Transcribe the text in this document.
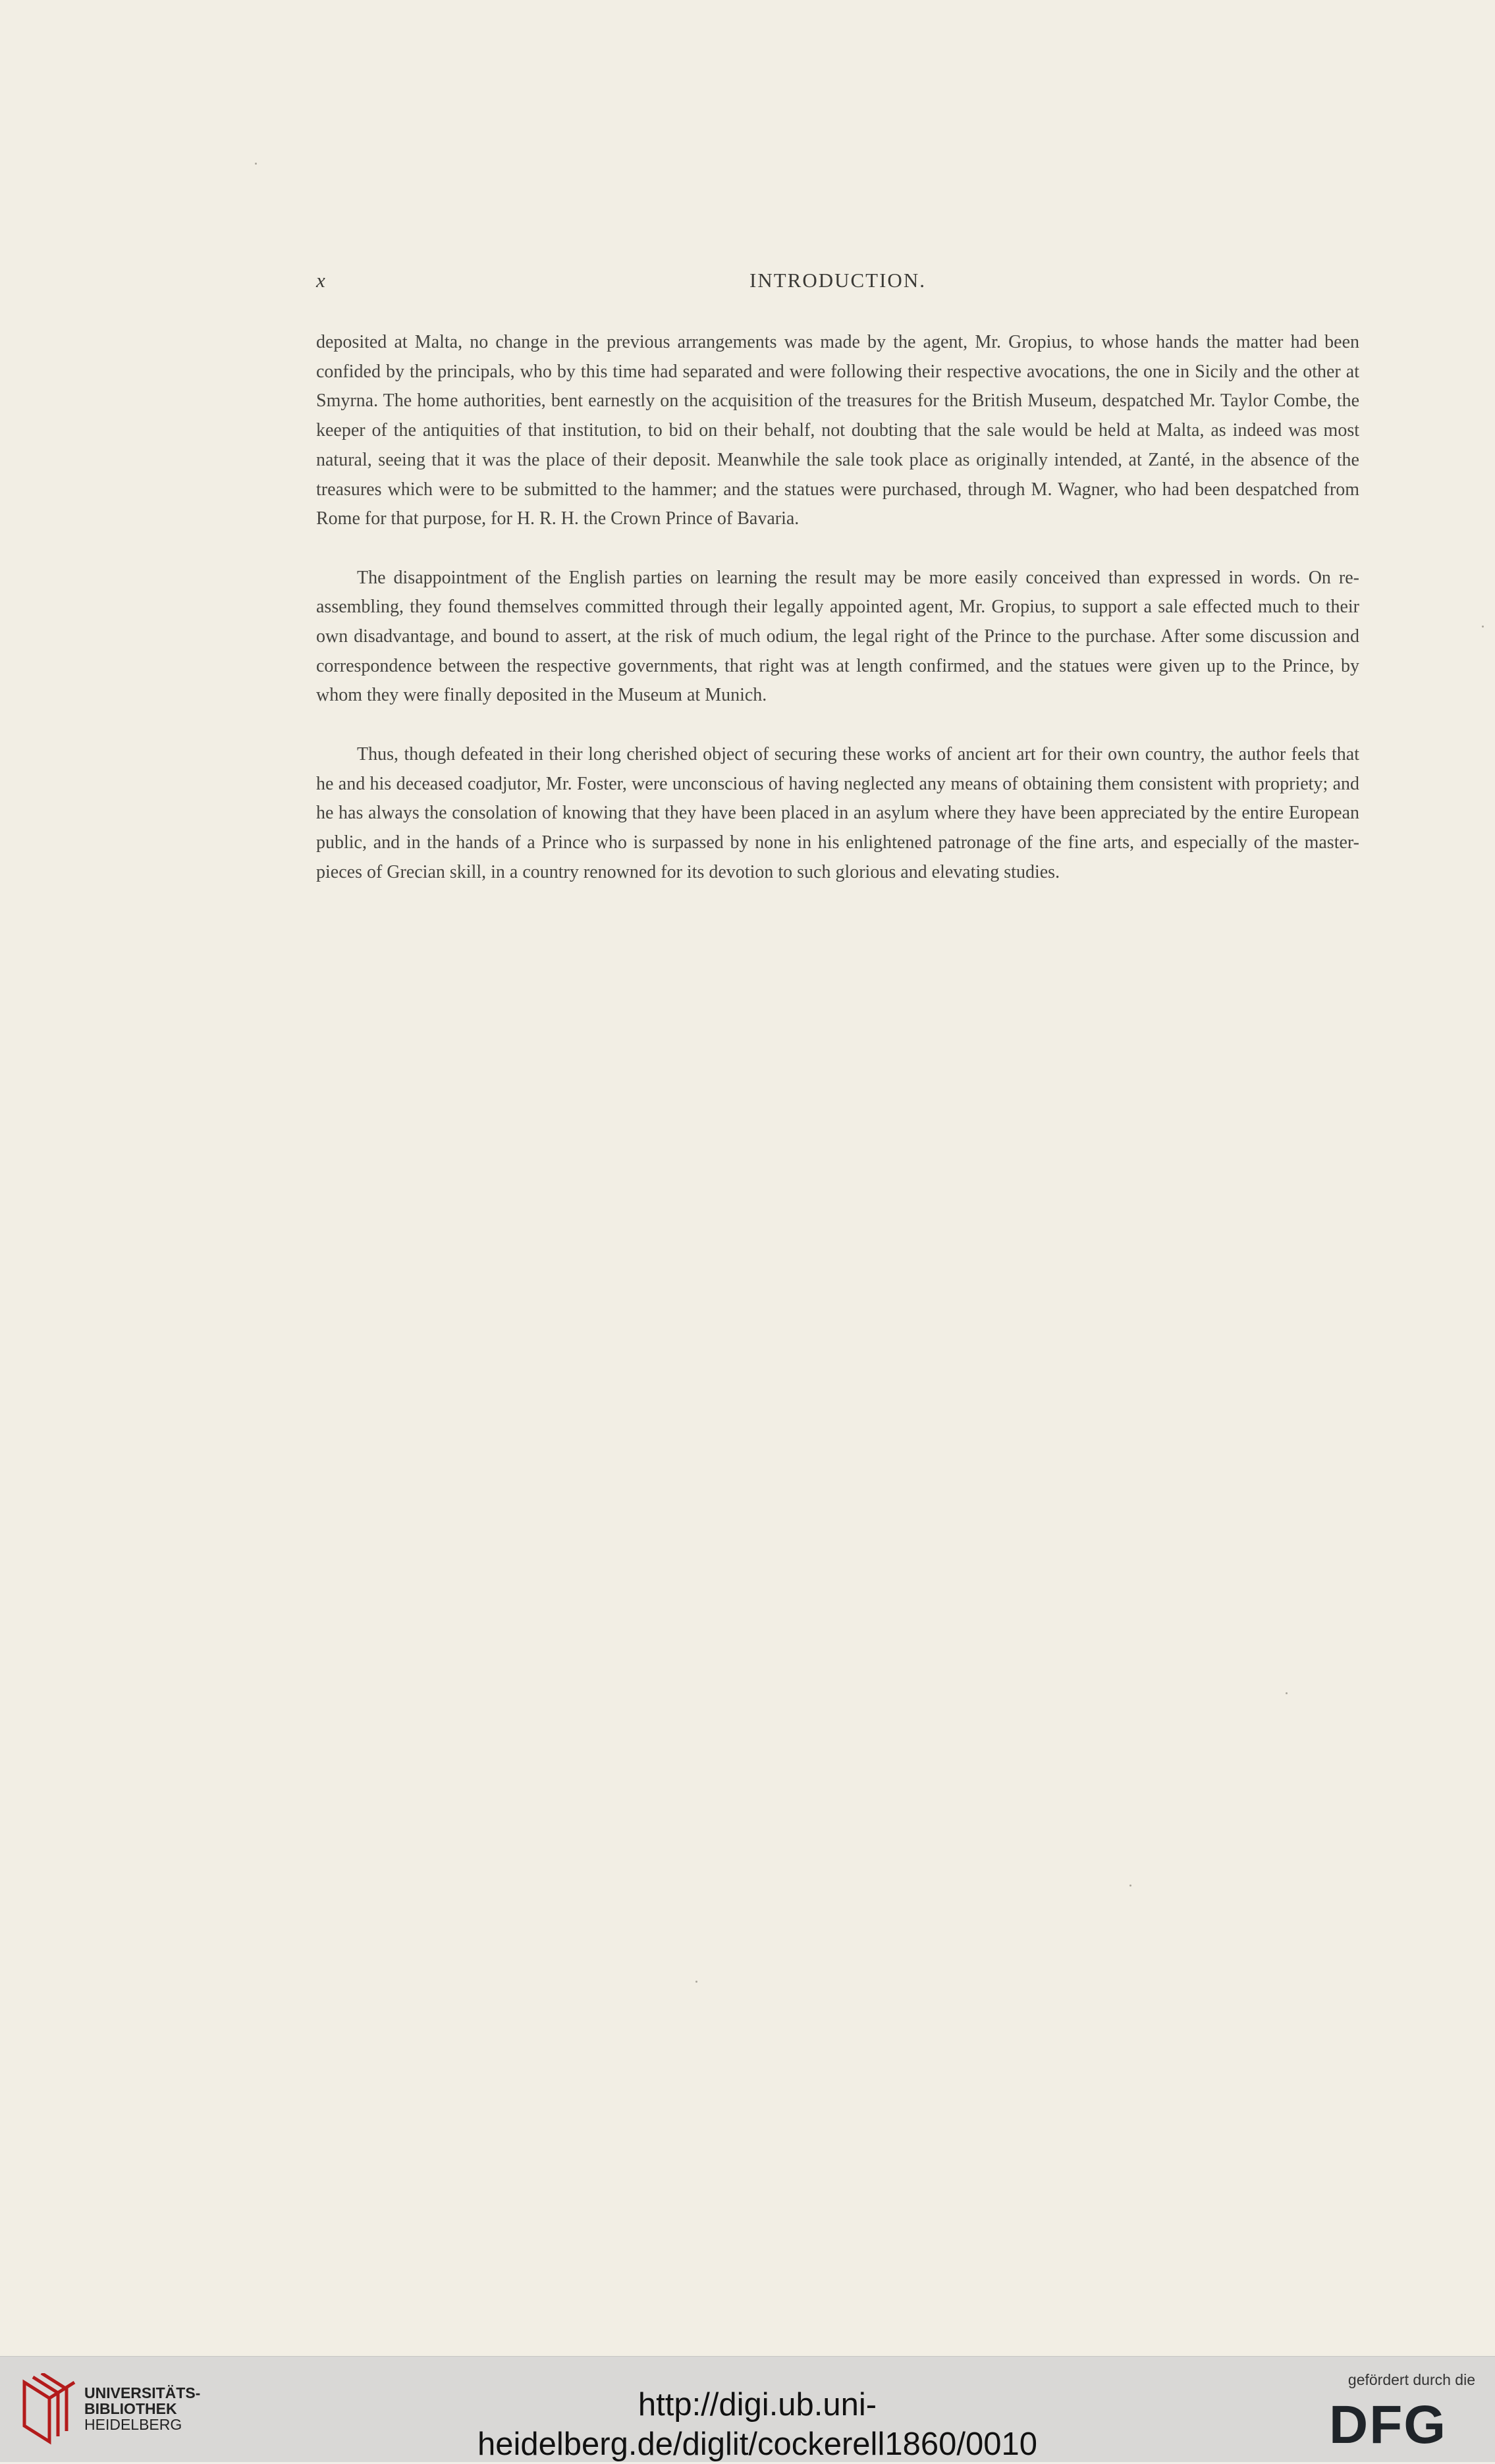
x	INTRODUCTION.

deposited at Malta, no change in the previous arrangements was made by the agent, Mr. Gropius, to whose hands the matter had been confided by the principals, who by this time had separated and were following their respective avocations, the one in Sicily and the other at Smyrna. The home authorities, bent earnestly on the acquisition of the treasures for the British Museum, despatched Mr. Taylor Combe, the keeper of the antiquities of that institution, to bid on their behalf, not doubting that the sale would be held at Malta, as indeed was most natural, seeing that it was the place of their deposit. Meanwhile the sale took place as originally intended, at Zanté, in the absence of the treasures which were to be submitted to the hammer; and the statues were purchased, through M. Wagner, who had been despatched from Rome for that purpose, for H. R. H. the Crown Prince of Bavaria.

The disappointment of the English parties on learning the result may be more easily conceived than expressed in words. On re-assembling, they found themselves committed through their legally appointed agent, Mr. Gropius, to support a sale effected much to their own disadvantage, and bound to assert, at the risk of much odium, the legal right of the Prince to the purchase. After some discussion and correspondence between the respective governments, that right was at length confirmed, and the statues were given up to the Prince, by whom they were finally deposited in the Museum at Munich.

Thus, though defeated in their long cherished object of securing these works of ancient art for their own country, the author feels that he and his deceased coadjutor, Mr. Foster, were unconscious of having neglected any means of obtaining them consistent with propriety; and he has always the consolation of knowing that they have been placed in an asylum where they have been appreciated by the entire European public, and in the hands of a Prince who is surpassed by none in his enlightened patronage of the fine arts, and especially of the master-pieces of Grecian skill, in a country renowned for its devotion to such glorious and elevating studies.

UNIVERSITÄTS-
BIBLIOTHEK
HEIDELBERG
http://digi.ub.uni-heidelberg.de/diglit/cockerell1860/0010
gefördert durch die
DFG
